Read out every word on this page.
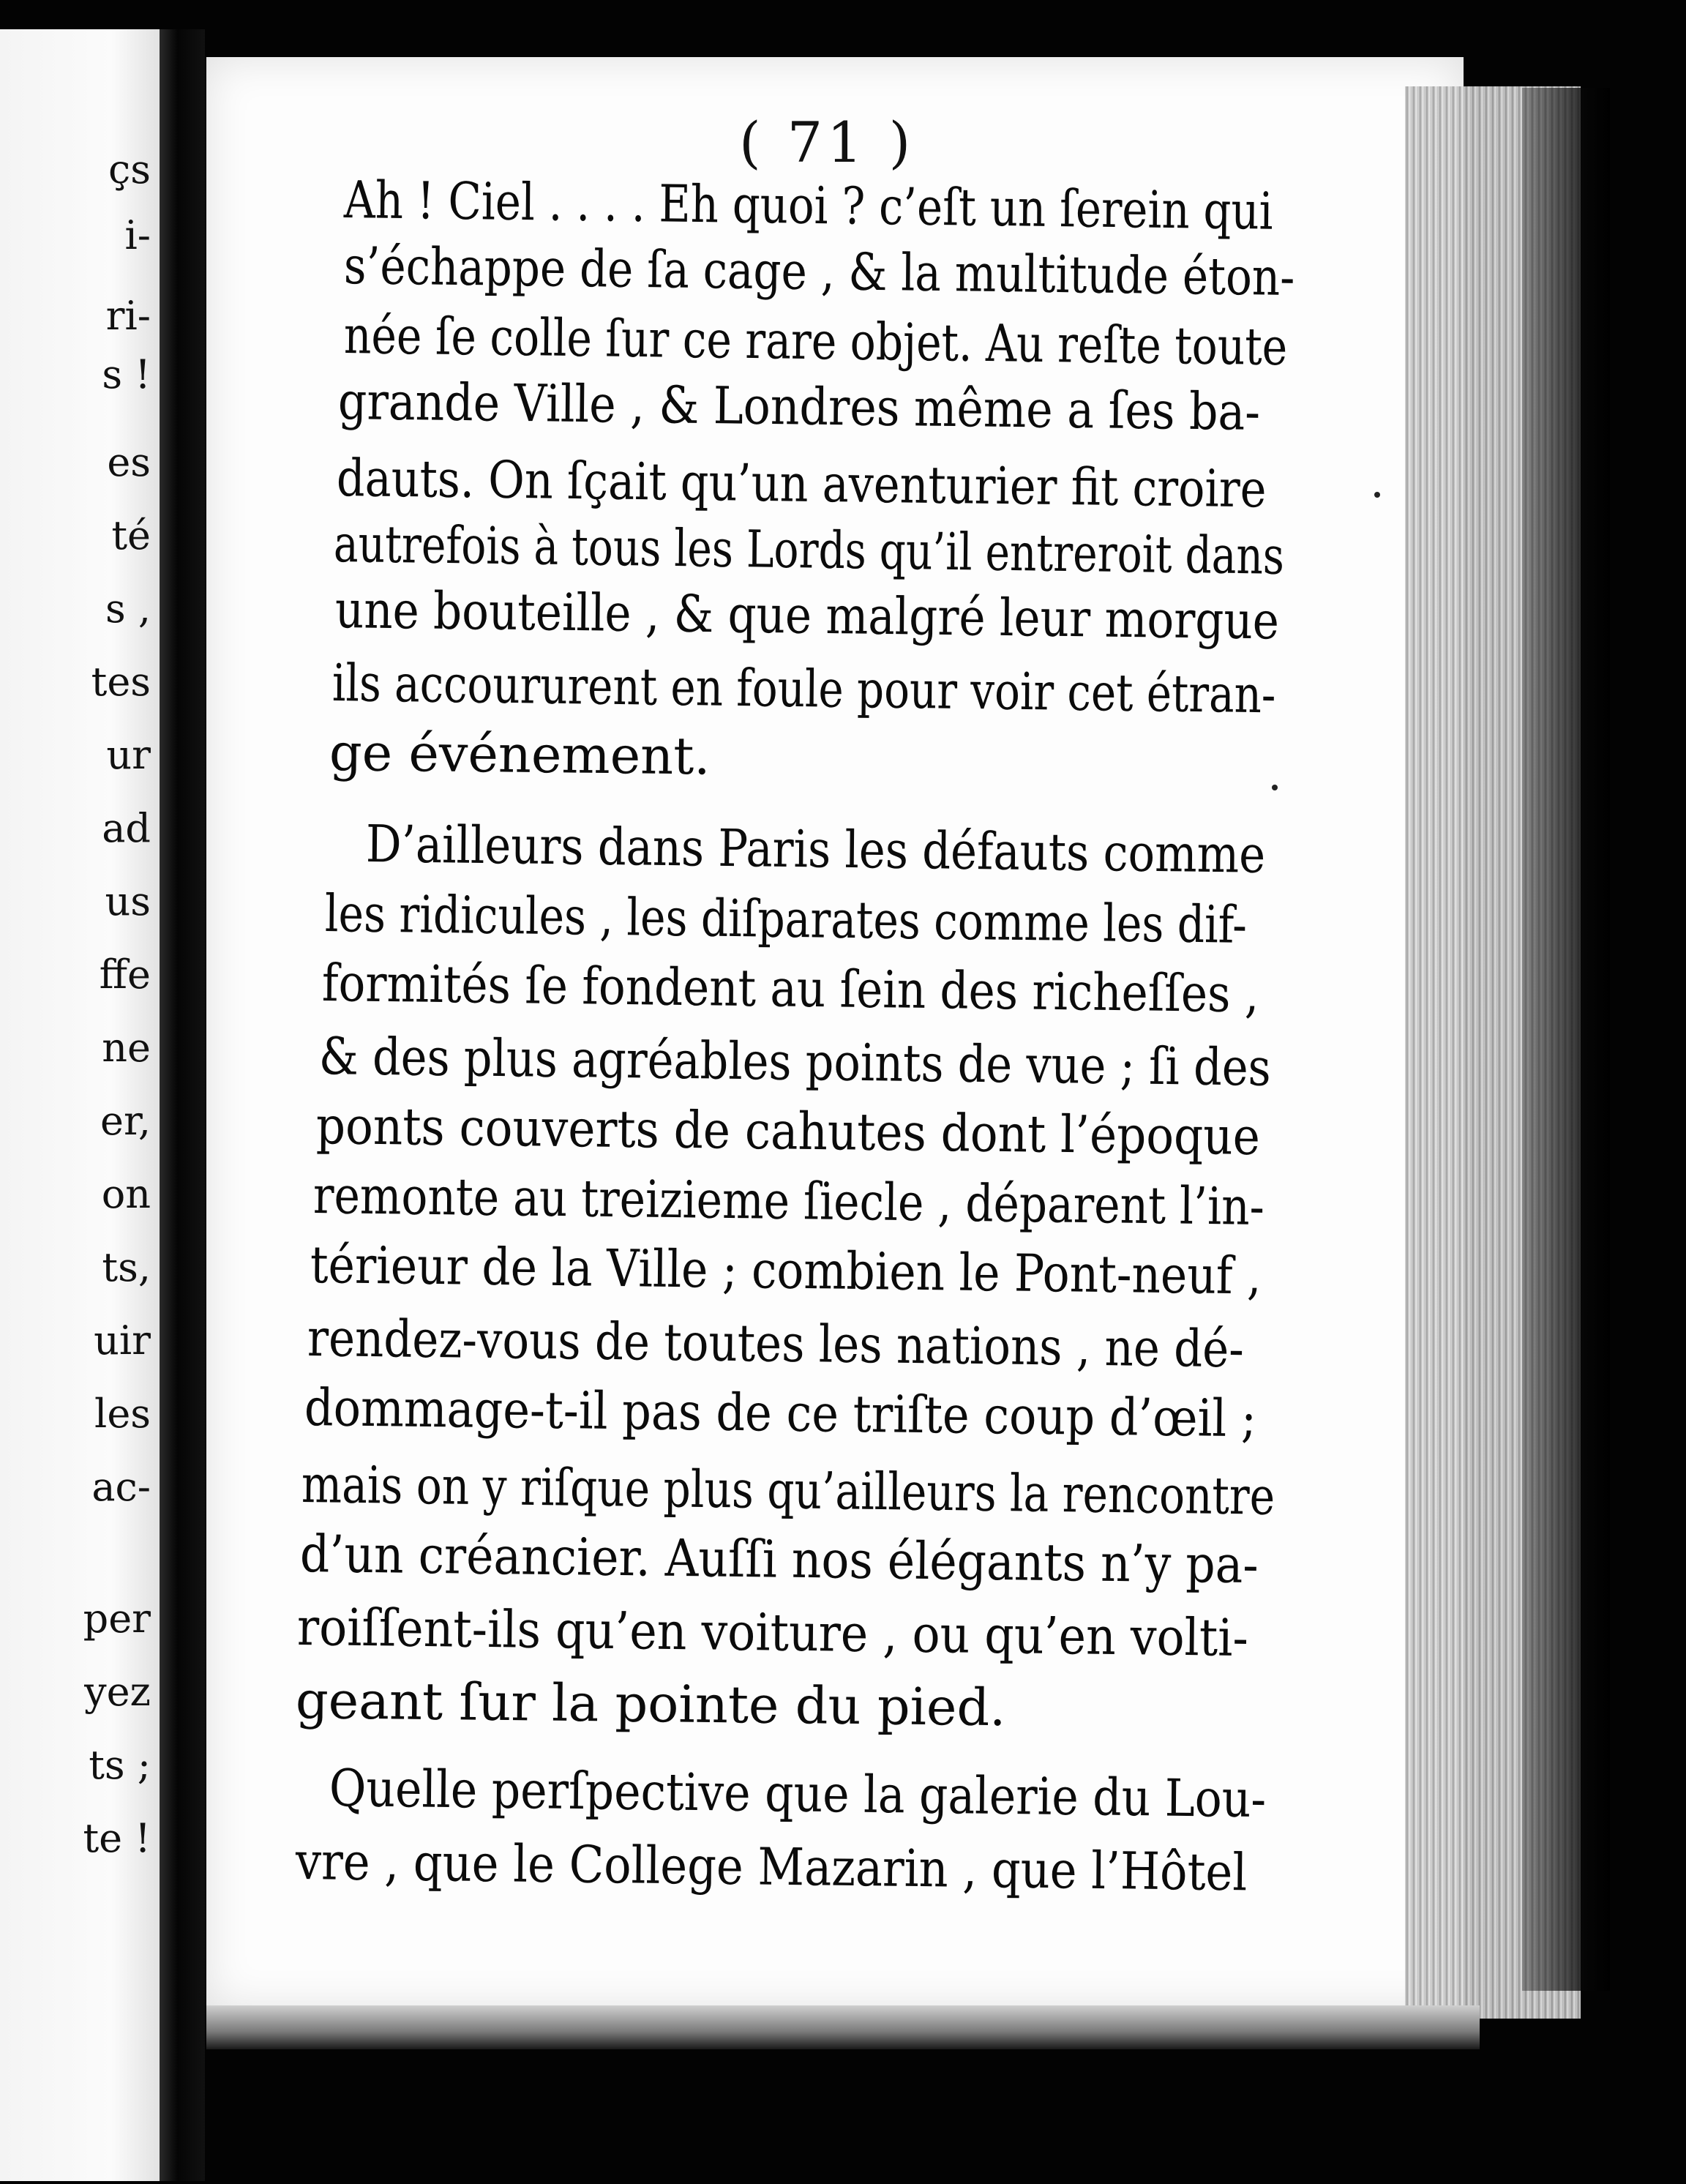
çs
i-
ri-
s !
es
té
s ,
tes
ur
ad
us
ffe
ne
er,
on
ts,
uir
les
ac-
per
yez
ts ;
te !
( 71 )
Ah ! Ciel . . . . Eh quoi ? c’eſt un ſerein qui
s’échappe de ſa cage , & la multitude éton-
née ſe colle ſur ce rare objet. Au reſte toute
grande Ville , & Londres même a ſes ba-
dauts. On ſçait qu’un aventurier fit croire
autrefois à tous les Lords qu’il entreroit dans
une bouteille , & que malgré leur morgue
ils accoururent en foule pour voir cet étran-
ge événement.
D’ailleurs dans Paris les défauts comme
les ridicules , les diſparates comme les dif-
formités ſe fondent au ſein des richeſſes ,
& des plus agréables points de vue ; ſi des
ponts couverts de cahutes dont l’époque
remonte au treizieme ſiecle , déparent l’in-
térieur de la Ville ; combien le Pont-neuf ,
rendez-vous de toutes les nations , ne dé-
dommage-t-il pas de ce triſte coup d’œil ;
mais on y riſque plus qu’ailleurs la rencontre
d’un créancier. Auſſi nos élégants n’y pa-
roiſſent-ils qu’en voiture , ou qu’en volti-
geant ſur la pointe du pied.
Quelle perſpective que la galerie du Lou-
vre , que le College Mazarin , que l’Hôtel
